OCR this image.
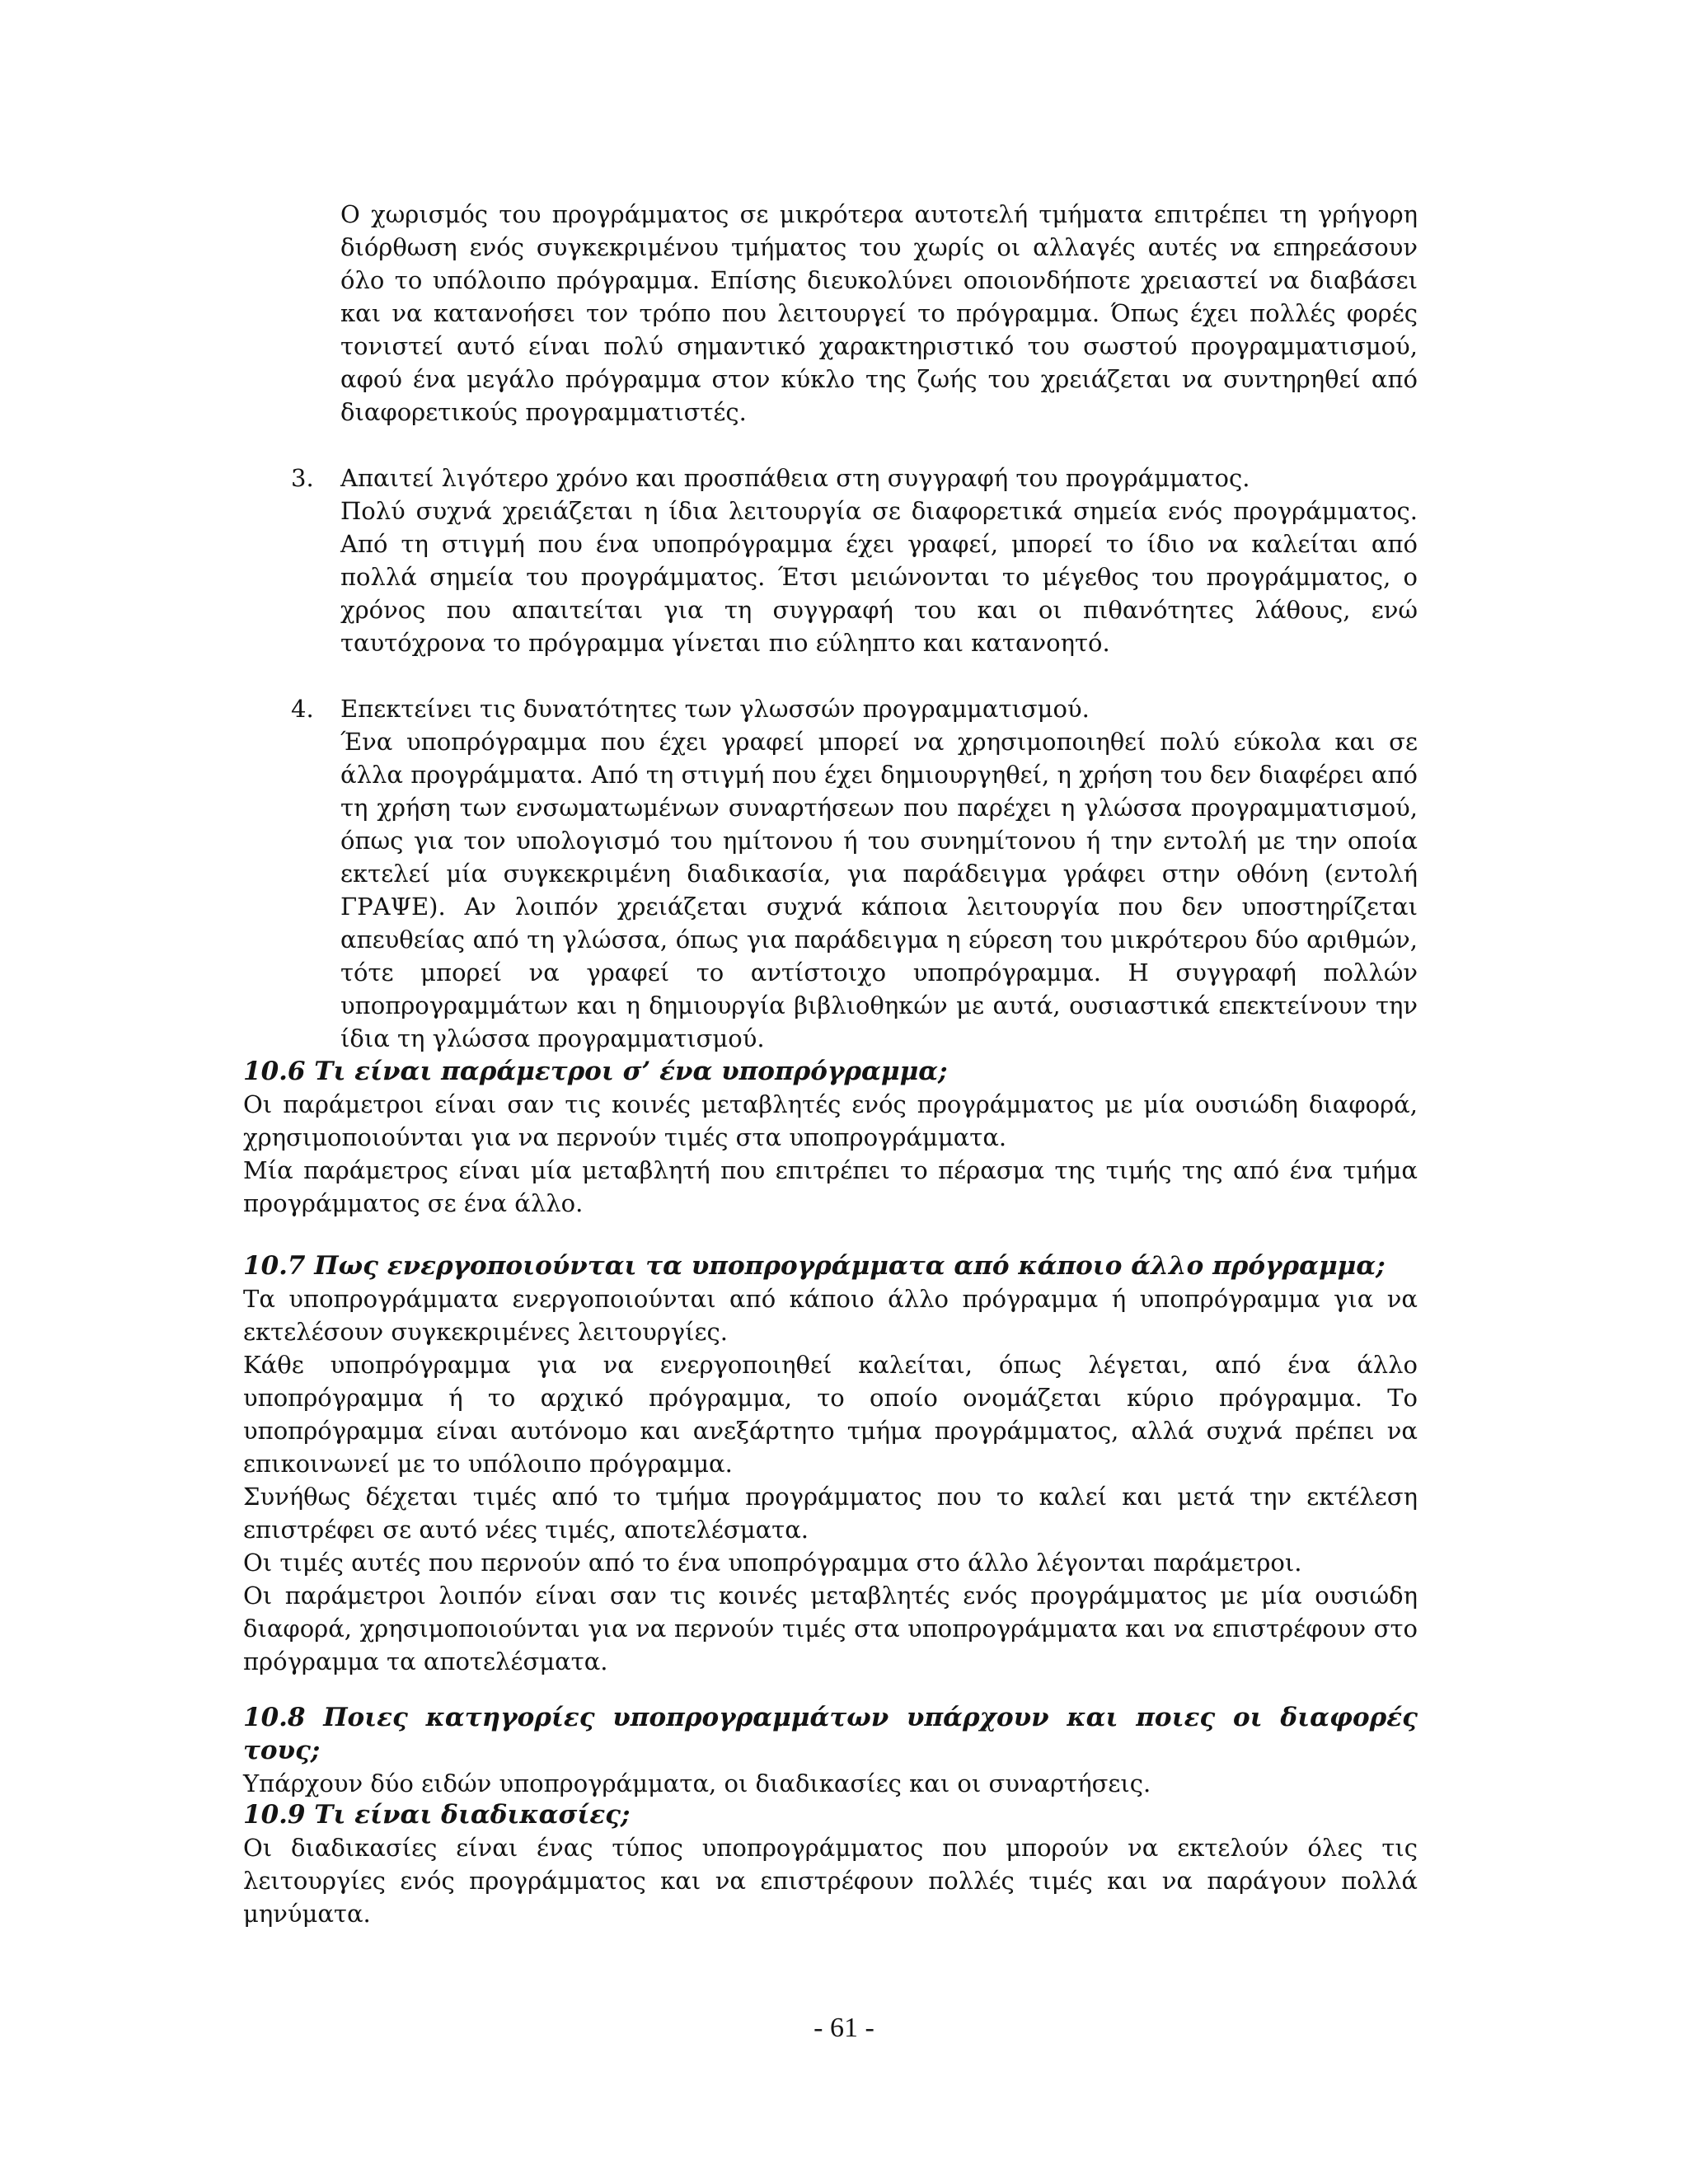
Ο χωρισμός του προγράμματος σε μικρότερα αυτοτελή τμήματα επιτρέπει τη γρήγορη διόρθωση ενός συγκεκριμένου τμήματος του χωρίς οι αλλαγές αυτές να επηρεάσουν όλο το υπόλοιπο πρόγραμμα. Επίσης διευκολύνει οποιονδήποτε χρειαστεί να διαβάσει και να κατανοήσει τον τρόπο που λειτουργεί το πρόγραμμα. Όπως έχει πολλές φορές τονιστεί αυτό είναι πολύ σημαντικό χαρακτηριστικό του σωστού προγραμματισμού, αφού ένα μεγάλο πρόγραμμα στον κύκλο της ζωής του χρειάζεται να συντηρηθεί από διαφορετικούς προγραμματιστές.

3. Απαιτεί λιγότερο χρόνο και προσπάθεια στη συγγραφή του προγράμματος.

Πολύ συχνά χρειάζεται η ίδια λειτουργία σε διαφορετικά σημεία ενός προγράμματος. Από τη στιγμή που ένα υποπρόγραμμα έχει γραφεί, μπορεί το ίδιο να καλείται από πολλά σημεία του προγράμματος. Έτσι μειώνονται το μέγεθος του προγράμματος, ο χρόνος που απαιτείται για τη συγγραφή του και οι πιθανότητες λάθους, ενώ ταυτόχρονα το πρόγραμμα γίνεται πιο εύληπτο και κατανοητό.

4. Επεκτείνει τις δυνατότητες των γλωσσών προγραμματισμού.

Ένα υποπρόγραμμα που έχει γραφεί μπορεί να χρησιμοποιηθεί πολύ εύκολα και σε άλλα προγράμματα. Από τη στιγμή που έχει δημιουργηθεί, η χρήση του δεν διαφέρει από τη χρήση των ενσωματωμένων συναρτήσεων που παρέχει η γλώσσα προγραμματισμού, όπως για τον υπολογισμό του ημίτονου ή του συνημίτονου ή την εντολή με την οποία εκτελεί μία συγκεκριμένη διαδικασία, για παράδειγμα γράφει στην οθόνη (εντολή ΓΡΑΨΕ). Αν λοιπόν χρειάζεται συχνά κάποια λειτουργία που δεν υποστηρίζεται απευθείας από τη γλώσσα, όπως για παράδειγμα η εύρεση του μικρότερου δύο αριθμών, τότε μπορεί να γραφεί το αντίστοιχο υποπρόγραμμα. Η συγγραφή πολλών υποπρογραμμάτων και η δημιουργία βιβλιοθηκών με αυτά, ουσιαστικά επεκτείνουν την ίδια τη γλώσσα προγραμματισμού.

10.6 Τι είναι παράμετροι σ’ ένα υποπρόγραμμα;

Οι παράμετροι είναι σαν τις κοινές μεταβλητές ενός προγράμματος με μία ουσιώδη διαφορά, χρησιμοποιούνται για να περνούν τιμές στα υποπρογράμματα.

Μία παράμετρος είναι μία μεταβλητή που επιτρέπει το πέρασμα της τιμής της από ένα τμήμα προγράμματος σε ένα άλλο.

10.7 Πως ενεργοποιούνται τα υποπρογράμματα από κάποιο άλλο πρόγραμμα;

Τα υποπρογράμματα ενεργοποιούνται από κάποιο άλλο πρόγραμμα ή υποπρόγραμμα για να εκτελέσουν συγκεκριμένες λειτουργίες.

Κάθε υποπρόγραμμα για να ενεργοποιηθεί καλείται, όπως λέγεται, από ένα άλλο υποπρόγραμμα ή το αρχικό πρόγραμμα, το οποίο ονομάζεται κύριο πρόγραμμα. Το υποπρόγραμμα είναι αυτόνομο και ανεξάρτητο τμήμα προγράμματος, αλλά συχνά πρέπει να επικοινωνεί με το υπόλοιπο πρόγραμμα.

Συνήθως δέχεται τιμές από το τμήμα προγράμματος που το καλεί και μετά την εκτέλεση επιστρέφει σε αυτό νέες τιμές, αποτελέσματα.

Οι τιμές αυτές που περνούν από το ένα υποπρόγραμμα στο άλλο λέγονται παράμετροι.

Οι παράμετροι λοιπόν είναι σαν τις κοινές μεταβλητές ενός προγράμματος με μία ουσιώδη διαφορά, χρησιμοποιούνται για να περνούν τιμές στα υποπρογράμματα και να επιστρέφουν στο πρόγραμμα τα αποτελέσματα.

10.8 Ποιες κατηγορίες υποπρογραμμάτων υπάρχουν και ποιες οι διαφορές τους;

Υπάρχουν δύο ειδών υποπρογράμματα, οι διαδικασίες και οι συναρτήσεις.

10.9 Τι είναι διαδικασίες;

Οι διαδικασίες είναι ένας τύπος υποπρογράμματος που μπορούν να εκτελούν όλες τις λειτουργίες ενός προγράμματος και να επιστρέφουν πολλές τιμές και να παράγουν πολλά μηνύματα.

- 61 -
